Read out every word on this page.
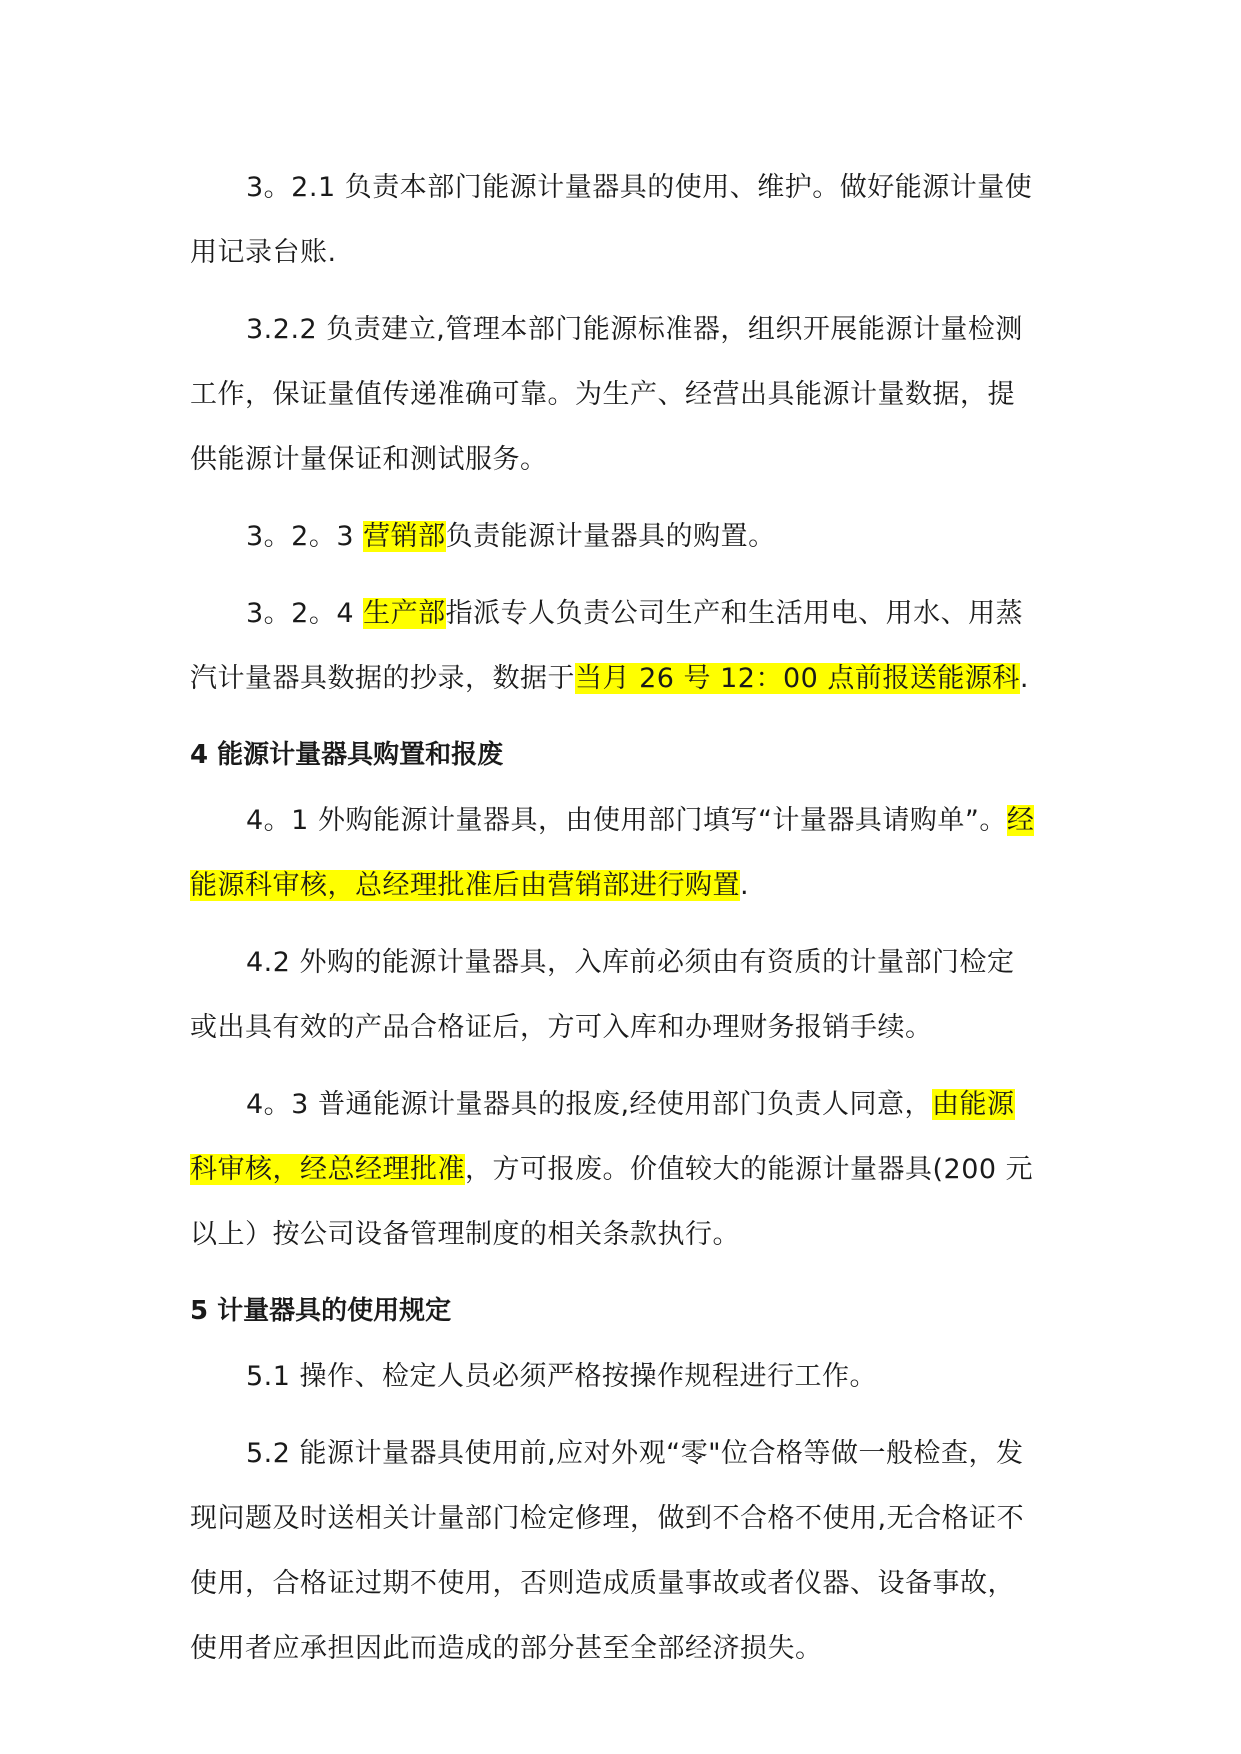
3。2.1 负责本部门能源计量器具的使用、维护。做好能源计量使用记录台账.

3.2.2 负责建立,管理本部门能源标准器，组织开展能源计量检测工作，保证量值传递准确可靠。为生产、经营出具能源计量数据，提供能源计量保证和测试服务。

3。2。3 营销部负责能源计量器具的购置。

3。2。4 生产部指派专人负责公司生产和生活用电、用水、用蒸汽计量器具数据的抄录，数据于当月 26 号 12：00 点前报送能源科.

4 能源计量器具购置和报废

4。1 外购能源计量器具，由使用部门填写“计量器具请购单”。经能源科审核，总经理批准后由营销部进行购置.

4.2 外购的能源计量器具，入库前必须由有资质的计量部门检定或出具有效的产品合格证后，方可入库和办理财务报销手续。

4。3 普通能源计量器具的报废,经使用部门负责人同意，由能源科审核，经总经理批准，方可报废。价值较大的能源计量器具(200 元以上）按公司设备管理制度的相关条款执行。

5 计量器具的使用规定

5.1 操作、检定人员必须严格按操作规程进行工作。

5.2 能源计量器具使用前,应对外观“零"位合格等做一般检查，发现问题及时送相关计量部门检定修理，做到不合格不使用,无合格证不使用，合格证过期不使用，否则造成质量事故或者仪器、设备事故，使用者应承担因此而造成的部分甚至全部经济损失。
